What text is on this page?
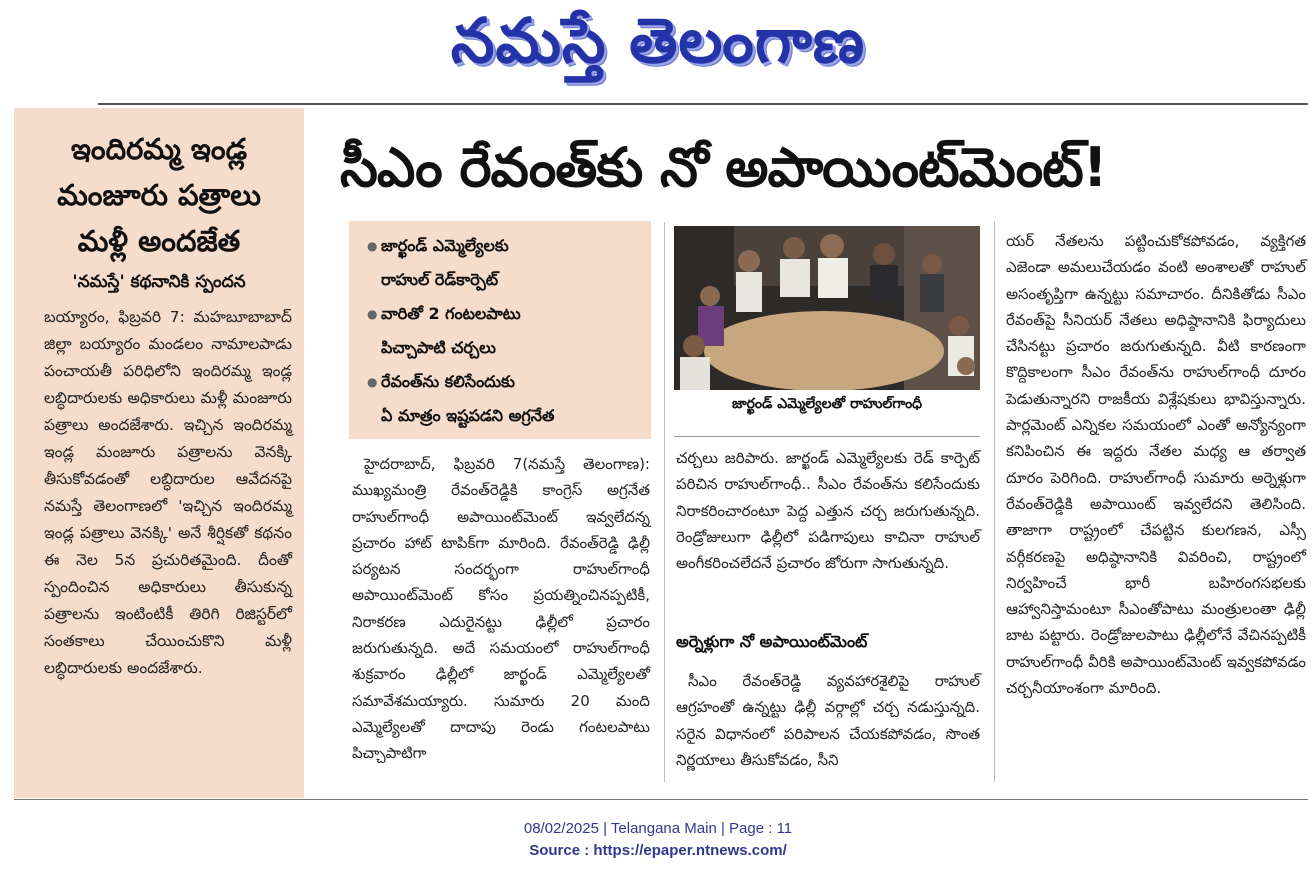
నమస్తే తెలంగాణ
ఇందిరమ్మ ఇండ్ల
మంజూరు పత్రాలు
మళ్లీ అందజేత
'నమస్తే' కథనానికి స్పందన
బయ్యారం, ఫిబ్రవరి 7: మహబూబాబాద్ జిల్లా బయ్యారం మండలం నామాలపాడు పంచాయతీ పరిధిలోని ఇందిరమ్మ ఇండ్ల లబ్ధిదారులకు అధికారులు మళ్లీ మంజూరు పత్రాలు అందజేశారు. ఇచ్చిన ఇందిరమ్మ ఇండ్ల మంజూరు పత్రాలను వెనక్కి తీసుకోవడంతో లబ్ధిదారుల ఆవేదనపై నమస్తే తెలంగాణలో 'ఇచ్చిన ఇందిరమ్మ ఇండ్ల పత్రాలు వెనక్కి' అనే శీర్షికతో కథనం ఈ నెల 5న ప్రచురితమైంది. దీంతో స్పందించిన అధికారులు తీసుకున్న పత్రాలను ఇంటింటికీ తిరిగి రిజిస్టర్‌లో సంతకాలు చేయించుకొని మళ్లీ లబ్ధిదారులకు అందజేశారు.
సీఎం రేవంత్‌కు నో అపాయింట్‌మెంట్!
● జార్ఖండ్ ఎమ్మెల్యేలకు
రాహుల్ రెడ్‌కార్పెట్
● వారితో 2 గంటలపాటు
పిచ్చాపాటి చర్చలు
● రేవంత్‌ను కలిసేందుకు
ఏ మాత్రం ఇష్టపడని అగ్రనేత
జార్ఖండ్ ఎమ్మెల్యేలతో రాహుల్‌గాంధీ
హైదరాబాద్, ఫిబ్రవరి 7(నమస్తే తెలంగాణ): ముఖ్యమంత్రి రేవంత్‌రెడ్డికి కాంగ్రెస్ అగ్రనేత రాహుల్‌గాంధీ అపాయింట్‌మెంట్ ఇవ్వలేదన్న ప్రచారం హాట్ టాపిక్‌గా మారింది. రేవంత్‌రెడ్డి ఢిల్లీ పర్యటన సందర్భంగా రాహుల్‌గాంధీ అపాయింట్‌మెంట్ కోసం ప్రయత్నించినప్పటికీ, నిరాకరణ ఎదురైనట్టు ఢిల్లీలో ప్రచారం జరుగుతున్నది. అదే సమయంలో రాహుల్‌గాంధీ శుక్రవారం ఢిల్లీలో జార్ఖండ్ ఎమ్మెల్యేలతో సమావేశమయ్యారు. సుమారు 20 మంది ఎమ్మెల్యేలతో దాదాపు రెండు గంటలపాటు పిచ్చాపాటిగా
చర్చలు జరిపారు. జార్ఖండ్ ఎమ్మెల్యేలకు రెడ్ కార్పెట్ పరిచిన రాహుల్‌గాంధీ.. సీఎం రేవంత్‌ను కలిసేందుకు నిరాకరించారంటూ పెద్ద ఎత్తున చర్చ జరుగుతున్నది. రెండ్రోజులుగా ఢిల్లీలో పడిగాపులు కాచినా రాహుల్ అంగీకరించలేదనే ప్రచారం జోరుగా సాగుతున్నది.
అర్నెళ్లుగా నో అపాయింట్‌మెంట్
సీఎం రేవంత్‌రెడ్డి వ్యవహారశైలిపై రాహుల్ ఆగ్రహంతో ఉన్నట్టు ఢిల్లీ వర్గాల్లో చర్చ నడుస్తున్నది. సరైన విధానంలో పరిపాలన చేయకపోవడం, సొంత నిర్ణయాలు తీసుకోవడం, సీని
యర్ నేతలను పట్టించుకోకపోవడం, వ్యక్తిగత ఎజెండా అమలుచేయడం వంటి అంశాలతో రాహుల్ అసంతృప్తిగా ఉన్నట్టు సమాచారం. దీనికితోడు సీఎం రేవంత్‌పై సీనియర్ నేతలు అధిష్ఠానానికి ఫిర్యాదులు చేసినట్టు ప్రచారం జరుగుతున్నది. వీటి కారణంగా కొద్దికాలంగా సీఎం రేవంత్‌ను రాహుల్‌గాంధీ దూరం పెడుతున్నారని రాజకీయ విశ్లేషకులు భావిస్తున్నారు. పార్లమెంట్ ఎన్నికల సమయంలో ఎంతో అన్యోన్యంగా కనిపించిన ఈ ఇద్దరు నేతల మధ్య ఆ తర్వాత దూరం పెరిగింది. రాహుల్‌గాంధీ సుమారు అర్నెళ్లుగా రేవంత్‌రెడ్డికి అపాయింట్ ఇవ్వలేదని తెలిసింది. తాజాగా రాష్ట్రంలో చేపట్టిన కులగణన, ఎస్సీ వర్గీకరణపై అధిష్ఠానానికి వివరించి, రాష్ట్రంలో నిర్వహించే భారీ బహిరంగసభలకు ఆహ్వానిస్తామంటూ సీఎంతోపాటు మంత్రులంతా ఢిల్లీ బాట పట్టారు. రెండ్రోజులపాటు ఢిల్లీలోనే వేచినప్పటికీ రాహుల్‌గాంధీ వీరికి అపాయింట్‌మెంట్ ఇవ్వకపోవడం చర్చనీయాంశంగా మారింది.
08/02/2025 | Telangana Main | Page : 11
Source : https://epaper.ntnews.com/
